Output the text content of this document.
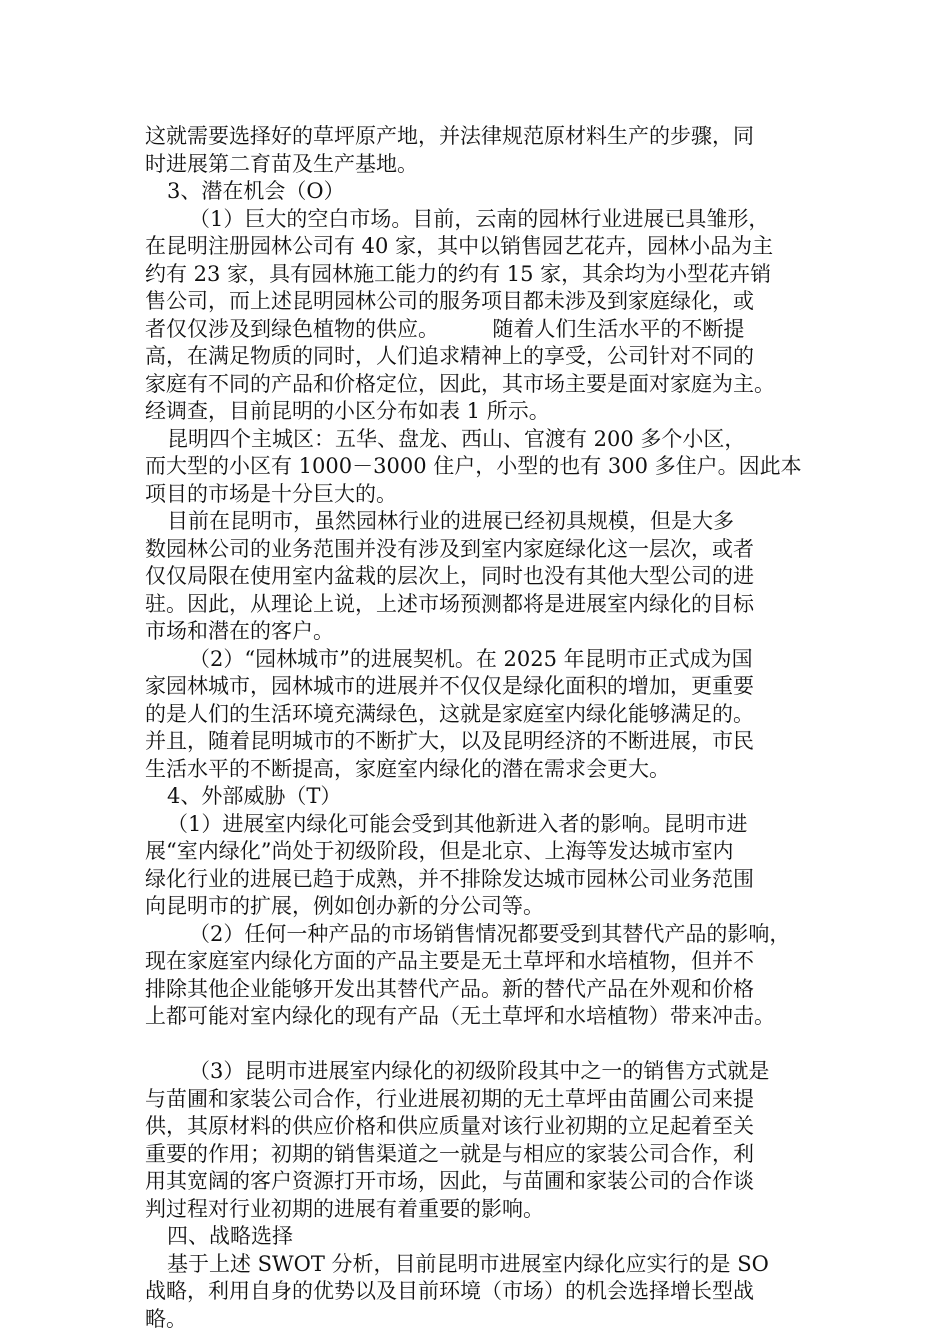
这就需要选择好的草坪原产地，并法律规范原材料生产的步骤，同
时进展第二育苗及生产基地。
3、潜在机会（O）
（1）巨大的空白市场。目前，云南的园林行业进展已具雏形，
在昆明注册园林公司有 40 家，其中以销售园艺花卉，园林小品为主
约有 23 家，具有园林施工能力的约有 15 家，其余均为小型花卉销
售公司，而上述昆明园林公司的服务项目都未涉及到家庭绿化，或
者仅仅涉及到绿色植物的供应。        随着人们生活水平的不断提
高，在满足物质的同时，人们追求精神上的享受，公司针对不同的
家庭有不同的产品和价格定位，因此，其市场主要是面对家庭为主。
经调查，目前昆明的小区分布如表 1 所示。
昆明四个主城区：五华、盘龙、西山、官渡有 200 多个小区，
而大型的小区有 1000－3000 住户，小型的也有 300 多住户。因此本
项目的市场是十分巨大的。
目前在昆明市，虽然园林行业的进展已经初具规模，但是大多
数园林公司的业务范围并没有涉及到室内家庭绿化这一层次，或者
仅仅局限在使用室内盆栽的层次上，同时也没有其他大型公司的进
驻。因此，从理论上说，上述市场预测都将是进展室内绿化的目标
市场和潜在的客户。
（2）“园林城市”的进展契机。在 2025 年昆明市正式成为国
家园林城市，园林城市的进展并不仅仅是绿化面积的增加，更重要
的是人们的生活环境充满绿色，这就是家庭室内绿化能够满足的。
并且，随着昆明城市的不断扩大，以及昆明经济的不断进展，市民
生活水平的不断提高，家庭室内绿化的潜在需求会更大。
4、外部威胁（T）
（1）进展室内绿化可能会受到其他新进入者的影响。昆明市进
展“室内绿化”尚处于初级阶段，但是北京、上海等发达城市室内
绿化行业的进展已趋于成熟，并不排除发达城市园林公司业务范围
向昆明市的扩展，例如创办新的分公司等。
（2）任何一种产品的市场销售情况都要受到其替代产品的影响，
现在家庭室内绿化方面的产品主要是无土草坪和水培植物，但并不
排除其他企业能够开发出其替代产品。新的替代产品在外观和价格
上都可能对室内绿化的现有产品（无土草坪和水培植物）带来冲击。
（3）昆明市进展室内绿化的初级阶段其中之一的销售方式就是
与苗圃和家装公司合作，行业进展初期的无土草坪由苗圃公司来提
供，其原材料的供应价格和供应质量对该行业初期的立足起着至关
重要的作用；初期的销售渠道之一就是与相应的家装公司合作，利
用其宽阔的客户资源打开市场，因此，与苗圃和家装公司的合作谈
判过程对行业初期的进展有着重要的影响。
四、战略选择
基于上述 SWOT 分析，目前昆明市进展室内绿化应实行的是 SO
战略，利用自身的优势以及目前环境（市场）的机会选择增长型战
略。
